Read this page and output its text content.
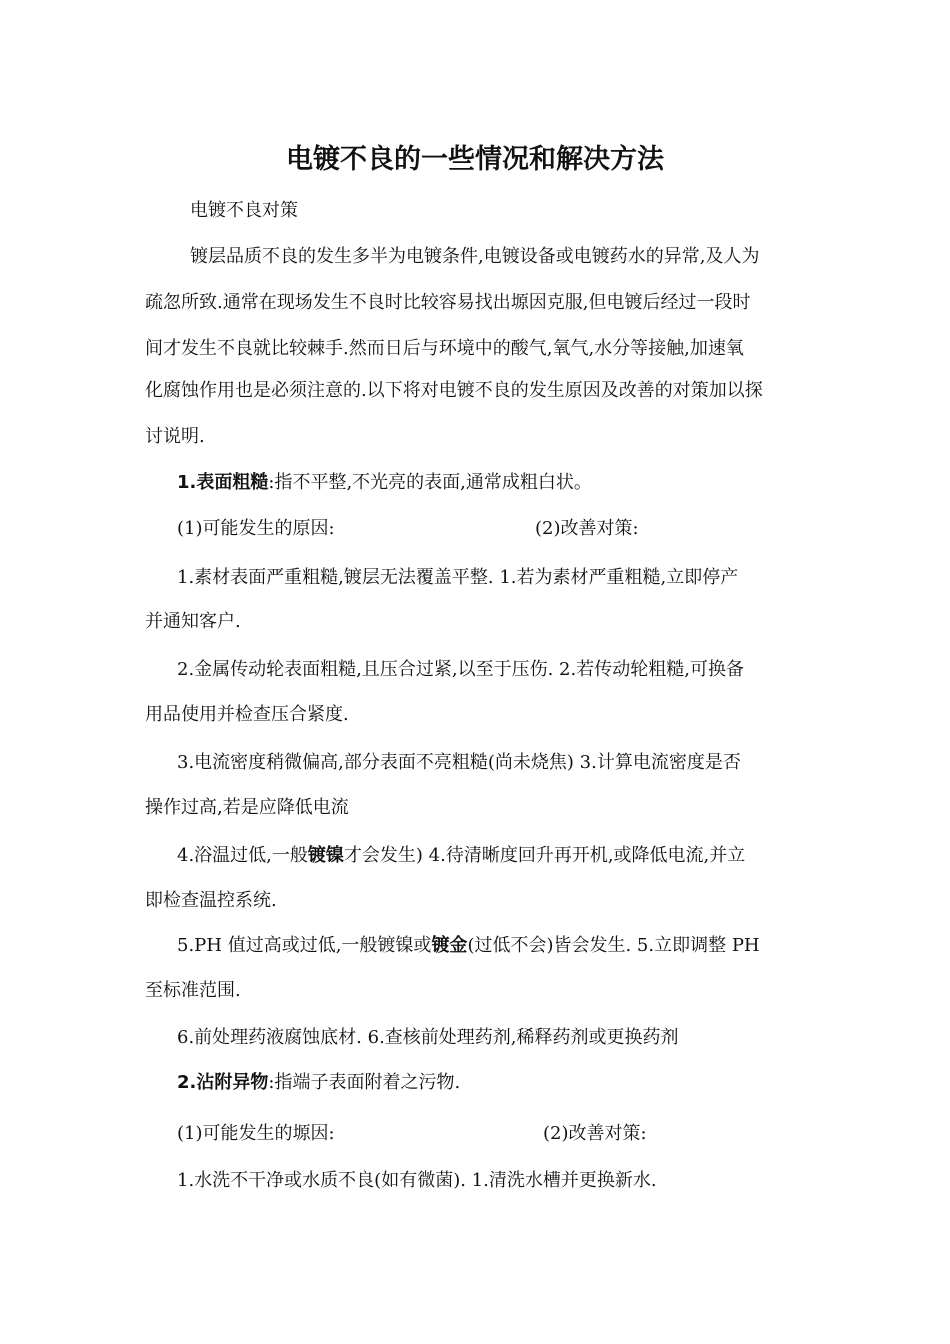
电镀不良的一些情况和解决方法
电镀不良对策
镀层品质不良的发生多半为电镀条件,电镀设备或电镀药水的异常,及人为
疏忽所致.通常在现场发生不良时比较容易找出塬因克服,但电镀后经过一段时
间才发生不良就比较棘手.然而日后与环境中的酸气,氧气,水分等接触,加速氧
化腐蚀作用也是必须注意的.以下将对电镀不良的发生原因及改善的对策加以探
讨说明.
1.表面粗糙:指不平整,不光亮的表面,通常成粗白状。
(1)可能发生的原因:	(2)改善对策:
1.素材表面严重粗糙,镀层无法覆盖平整. 1.若为素材严重粗糙,立即停产
并通知客户.
2.金属传动轮表面粗糙,且压合过紧,以至于压伤. 2.若传动轮粗糙,可换备
用品使用并检查压合紧度.
3.电流密度稍微偏高,部分表面不亮粗糙(尚未烧焦) 3.计算电流密度是否
操作过高,若是应降低电流
4.浴温过低,一般镀镍才会发生) 4.待清晰度回升再开机,或降低电流,并立
即检查温控系统.
5.PH 值过高或过低,一般镀镍或镀金(过低不会)皆会发生. 5.立即调整 PH
至标准范围.
6.前处理药液腐蚀底材. 6.查核前处理药剂,稀释药剂或更换药剂
2.沾附异物:指端子表面附着之污物.
(1)可能发生的塬因:	(2)改善对策:
1.水洗不干净或水质不良(如有微菌). 1.清洗水槽并更换新水.
